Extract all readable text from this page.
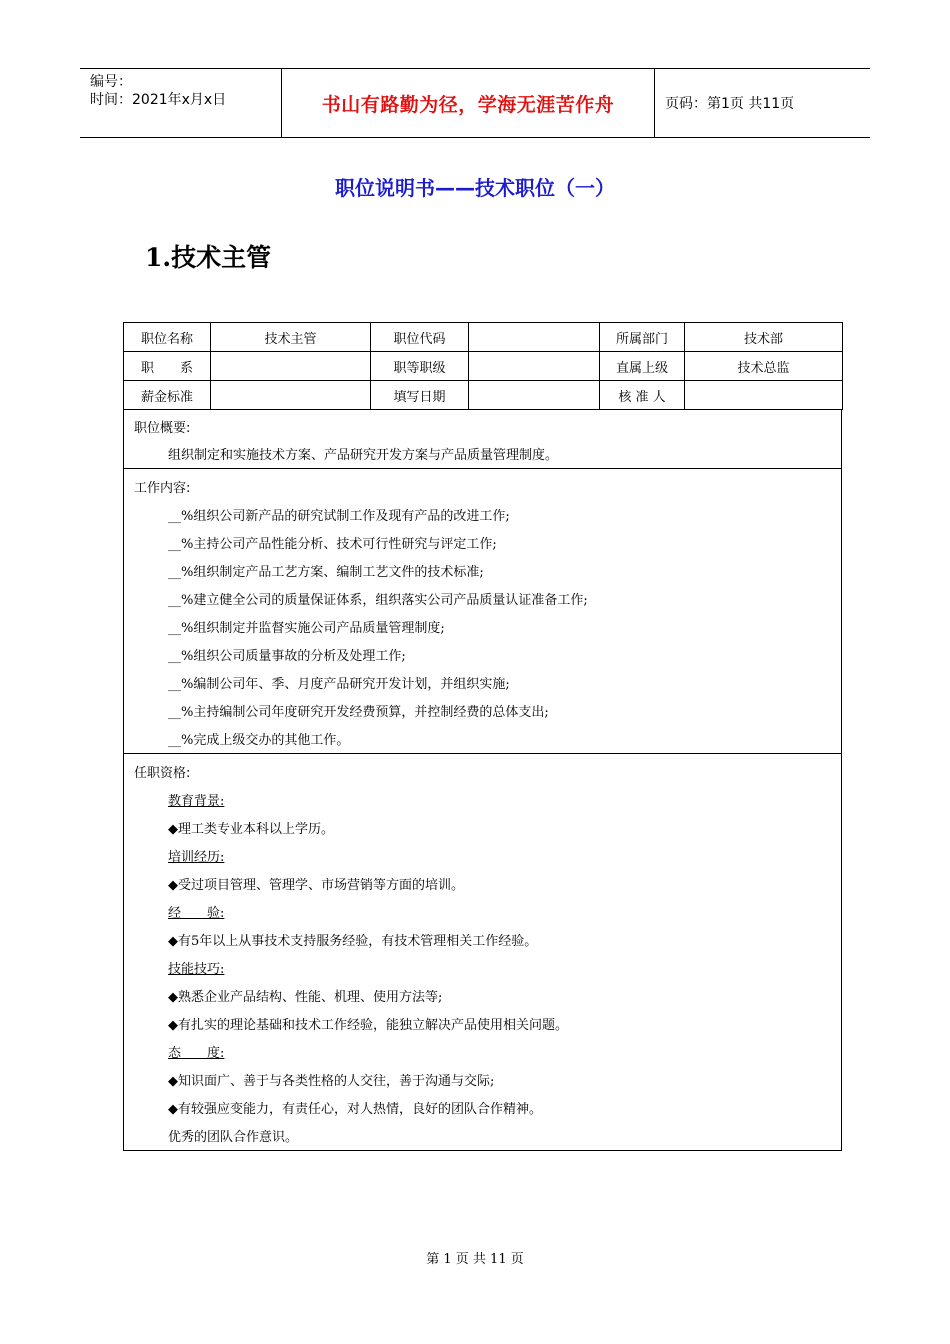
编号：
时间：2021年x月x日	书山有路勤为径，学海无涯苦作舟	页码：第1页 共11页
职位说明书——技术职位（一）
1.技术主管
职位名称	技术主管	职位代码		所属部门	技术部
职　　系		职等职级		直属上级	技术总监
薪金标准		填写日期		核 准 人	
职位概要:
组织制定和实施技术方案、产品研究开发方案与产品质量管理制度。
工作内容:
__%组织公司新产品的研究试制工作及现有产品的改进工作;
__%主持公司产品性能分析、技术可行性研究与评定工作;
__%组织制定产品工艺方案、编制工艺文件的技术标准;
__%建立健全公司的质量保证体系，组织落实公司产品质量认证准备工作;
__%组织制定并监督实施公司产品质量管理制度;
__%组织公司质量事故的分析及处理工作;
__%编制公司年、季、月度产品研究开发计划，并组织实施;
__%主持编制公司年度研究开发经费预算，并控制经费的总体支出;
__%完成上级交办的其他工作。
任职资格:
教育背景:
◆理工类专业本科以上学历。
培训经历:
◆受过项目管理、管理学、市场营销等方面的培训。
经　　验:
◆有5年以上从事技术支持服务经验，有技术管理相关工作经验。
技能技巧:
◆熟悉企业产品结构、性能、机理、使用方法等;
◆有扎实的理论基础和技术工作经验，能独立解决产品使用相关问题。
态　　度:
◆知识面广、善于与各类性格的人交往，善于沟通与交际;
◆有较强应变能力，有责任心，对人热情，良好的团队合作精神。
优秀的团队合作意识。
第 1 页 共 11 页
